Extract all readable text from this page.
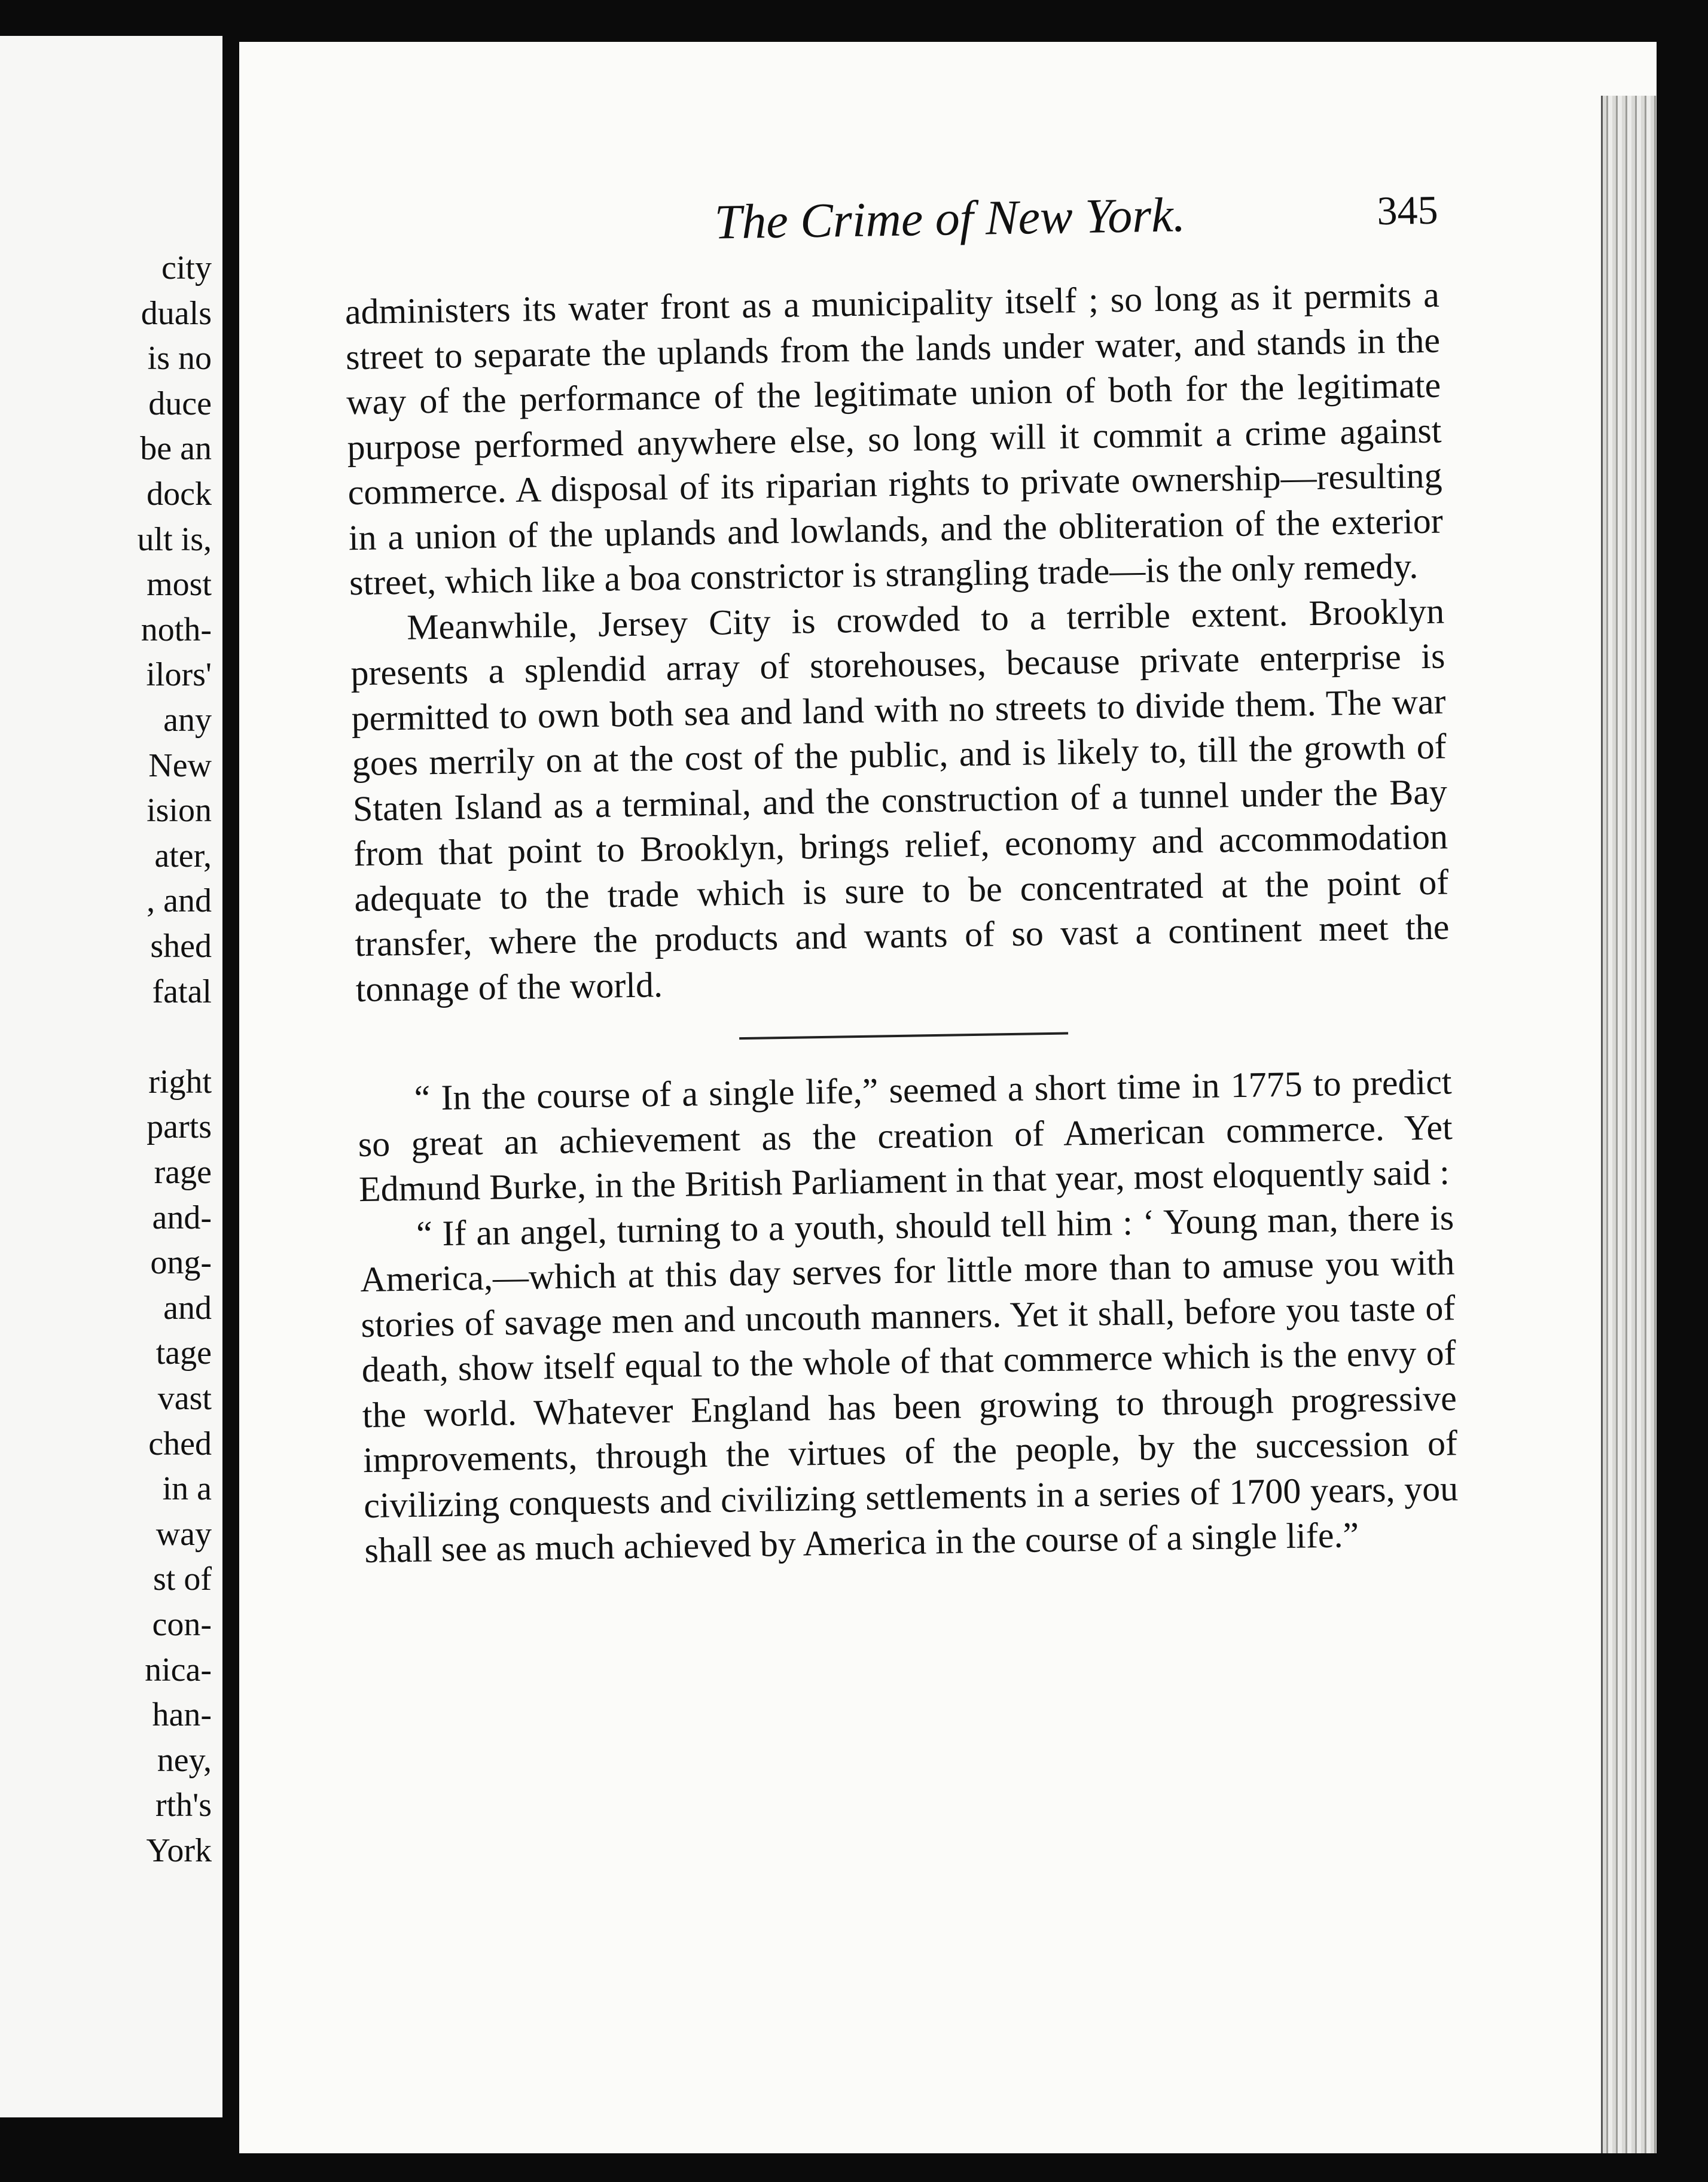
city
duals
is no
duce
be an
dock
ult is,
most
noth-
ilors'
any
New
ision
ater,
, and
shed
fatal
right
parts
rage
and-
ong-
and
tage
vast
ched
in a
way
st of
con-
nica-
han-
ney,
rth's
York
The Crime of New York.	345

administers its water front as a municipality itself ; so long as it permits a street to separate the uplands from the lands under water, and stands in the way of the performance of the legitimate union of both for the legitimate purpose performed anywhere else, so long will it commit a crime against commerce. A disposal of its riparian rights to private ownership—resulting in a union of the uplands and lowlands, and the obliteration of the exterior street, which like a boa constrictor is strangling trade—is the only remedy.

Meanwhile, Jersey City is crowded to a terrible extent. Brooklyn presents a splendid array of storehouses, because private enterprise is permitted to own both sea and land with no streets to divide them. The war goes merrily on at the cost of the public, and is likely to, till the growth of Staten Island as a terminal, and the construction of a tunnel under the Bay from that point to Brooklyn, brings relief, economy and accommodation adequate to the trade which is sure to be concentrated at the point of transfer, where the products and wants of so vast a continent meet the tonnage of the world.

“ In the course of a single life,” seemed a short time in 1775 to predict so great an achievement as the creation of American commerce. Yet Edmund Burke, in the British Parliament in that year, most eloquently said :

“ If an angel, turning to a youth, should tell him : ‘ Young man, there is America,—which at this day serves for little more than to amuse you with stories of savage men and uncouth manners. Yet it shall, before you taste of death, show itself equal to the whole of that commerce which is the envy of the world. Whatever England has been growing to through progressive improvements, through the virtues of the people, by the succession of civilizing conquests and civilizing settlements in a series of 1700 years, you shall see as much achieved by America in the course of a single life.”
